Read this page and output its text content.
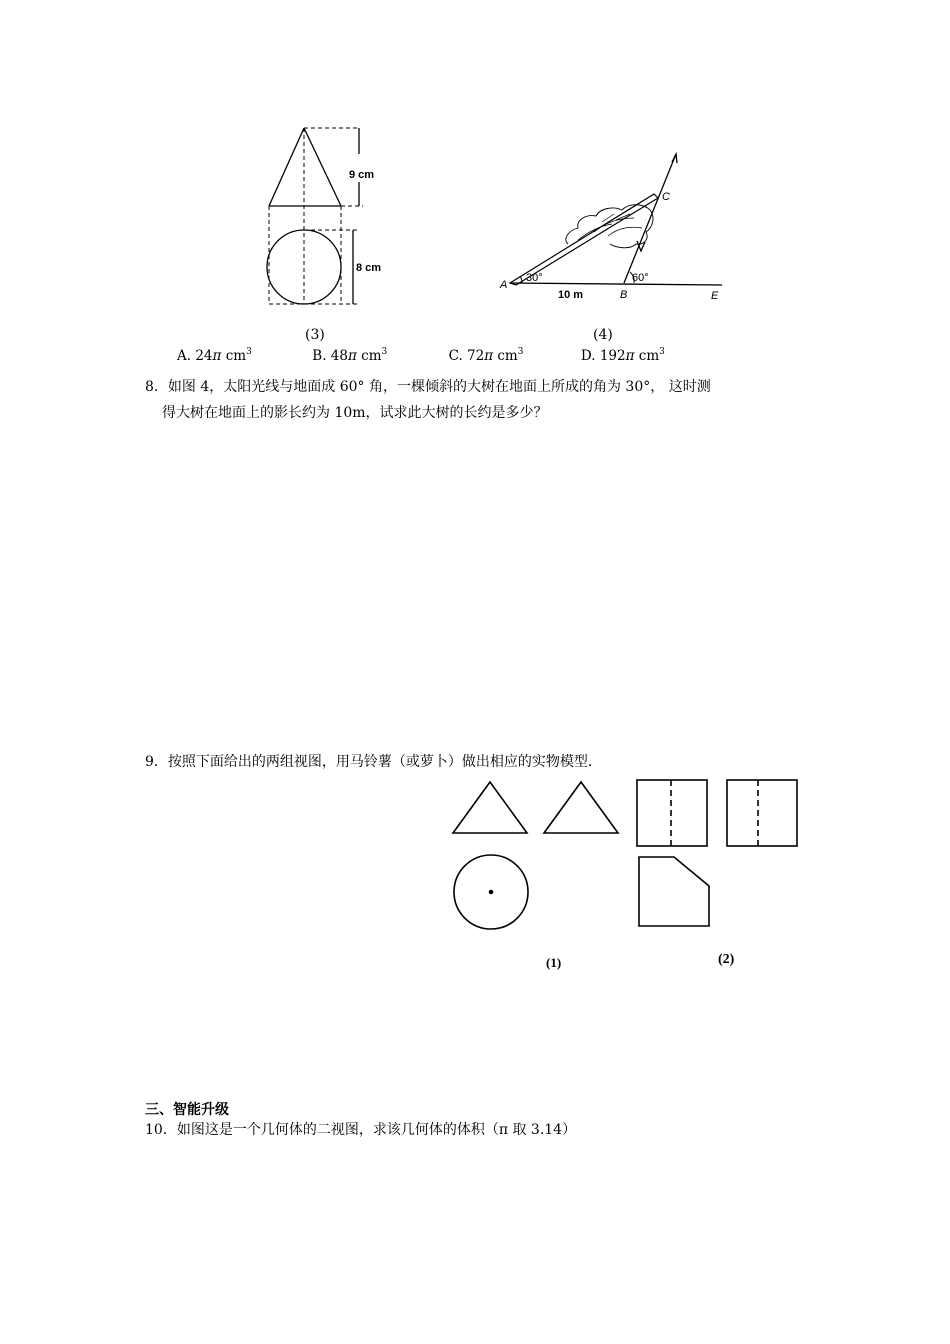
9 cm
8 cm
(3)
A
30°
B
60°
C
E
10 m
(4)
A. 24π $cm^3$	B. 48π $cm^3$	C. 72π $cm^3$	D. 192π $cm^3$
8．如图 4，太阳光线与地面成 60° 角，一棵倾斜的大树在地面上所成的角为 30°， 这时测
得大树在地面上的影长约为 10m，试求此大树的长约是多少？
9．按照下面给出的两组视图，用马铃薯（或萝卜）做出相应的实物模型．
(1)	(2)
三、智能升级
10．如图这是一个几何体的二视图，求该几何体的体积（π 取 3.14）
